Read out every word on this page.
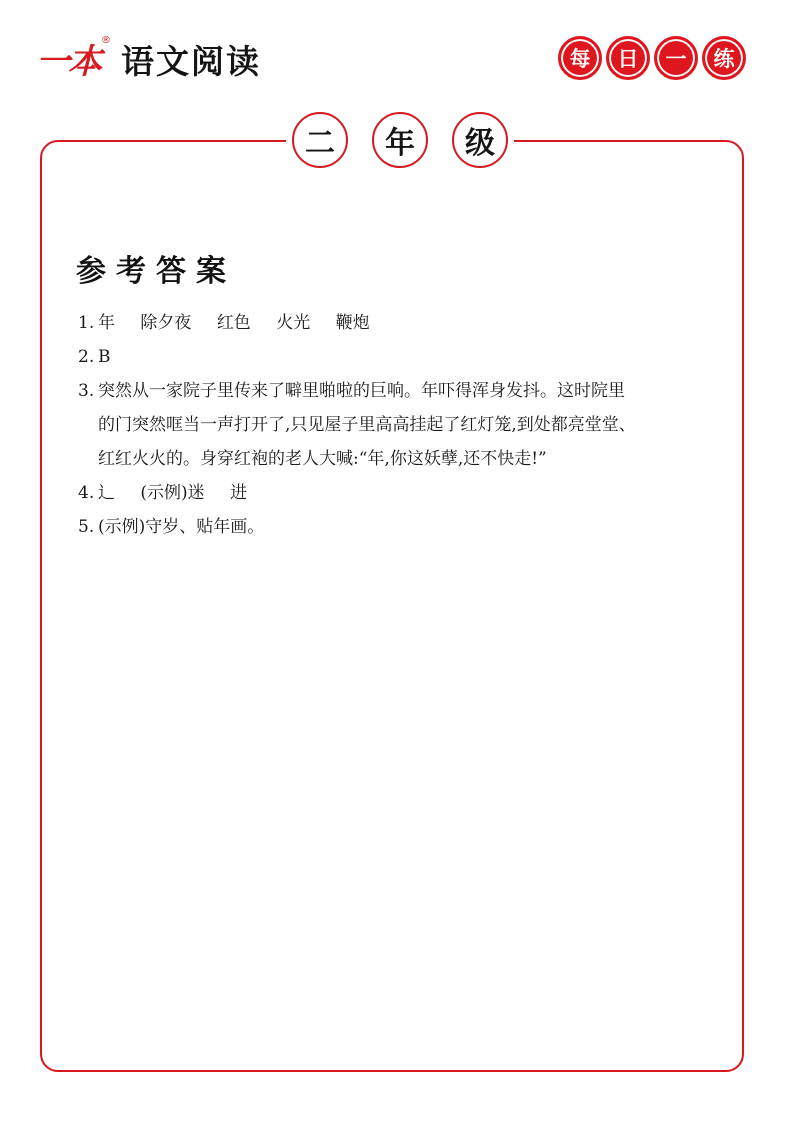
一本
®
语文阅读	每	日	一	练
二	年	级
参考答案
1. 年 除夕夜 红色 火光 鞭炮
2. B
3. 突然从一家院子里传来了噼里啪啦的巨响。年吓得浑身发抖。这时院里
的门突然哐当一声打开了,只见屋子里高高挂起了红灯笼,到处都亮堂堂、
红红火火的。身穿红袍的老人大喊:“年,你这妖孽,还不快走!”
4. 辶 (示例)迷 进
5. (示例)守岁、贴年画。
